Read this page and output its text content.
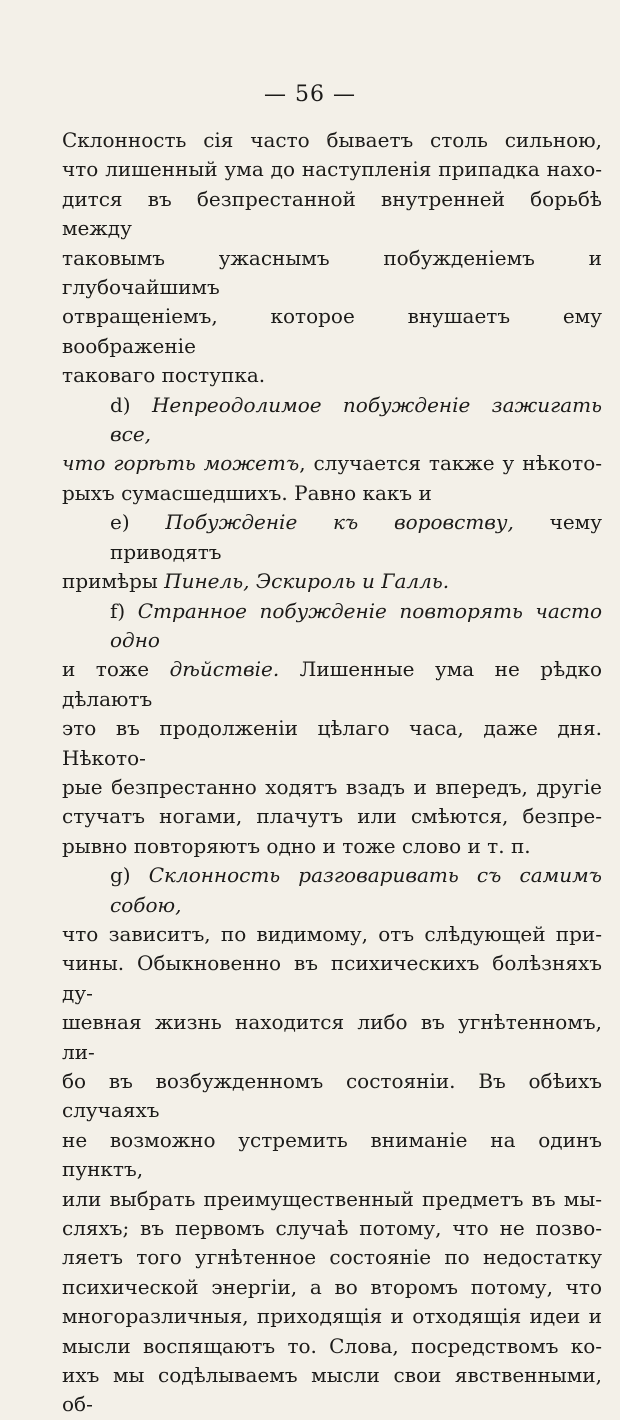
— 56 —
Склонность сія часто бываетъ столь сильною,
что лишенный ума до наступленія припадка нахо-
дится въ безпрестанной внутренней борьбѣ между
таковымъ ужаснымъ побужденіемъ и глубочайшимъ
отвращеніемъ, которое внушаетъ ему воображеніе
таковаго поступка.
d) Непреодолимое побужденіе зажигать все,
что горѣть можетъ, случается также у нѣкото-
рыхъ сумасшедшихъ. Равно какъ и
e) Побужденіе къ воровству, чему приводятъ
примѣры Пинель, Эскироль и Галль.
f) Странное побужденіе повторять часто одно
и тоже дѣйствіе. Лишенные ума не рѣдко дѣлаютъ
это въ продолженіи цѣлаго часа, даже дня. Нѣкото-
рые безпрестанно ходятъ взадъ и впередъ, другіе
стучатъ ногами, плачутъ или смѣются, безпре-
рывно повторяютъ одно и тоже слово и т. п.
g) Склонность разговаривать съ самимъ собою,
что зависитъ, по видимому, отъ слѣдующей при-
чины. Обыкновенно въ психическихъ болѣзняхъ ду-
шевная жизнь находится либо въ угнѣтенномъ, ли-
бо въ возбужденномъ состояніи. Въ обѣихъ случаяхъ
не возможно устремить вниманіе на одинъ пунктъ,
или выбрать преимущественный предметъ въ мы-
сляхъ; въ первомъ случаѣ потому, что не позво-
ляетъ того угнѣтенное состояніе по недостатку
психической энергіи, а во второмъ потому, что
многоразличныя, приходящія и отходящія идеи и
мысли воспящаютъ то. Слова, посредствомъ ко-
ихъ мы содѣлываемъ мысли свои явственными, об-
